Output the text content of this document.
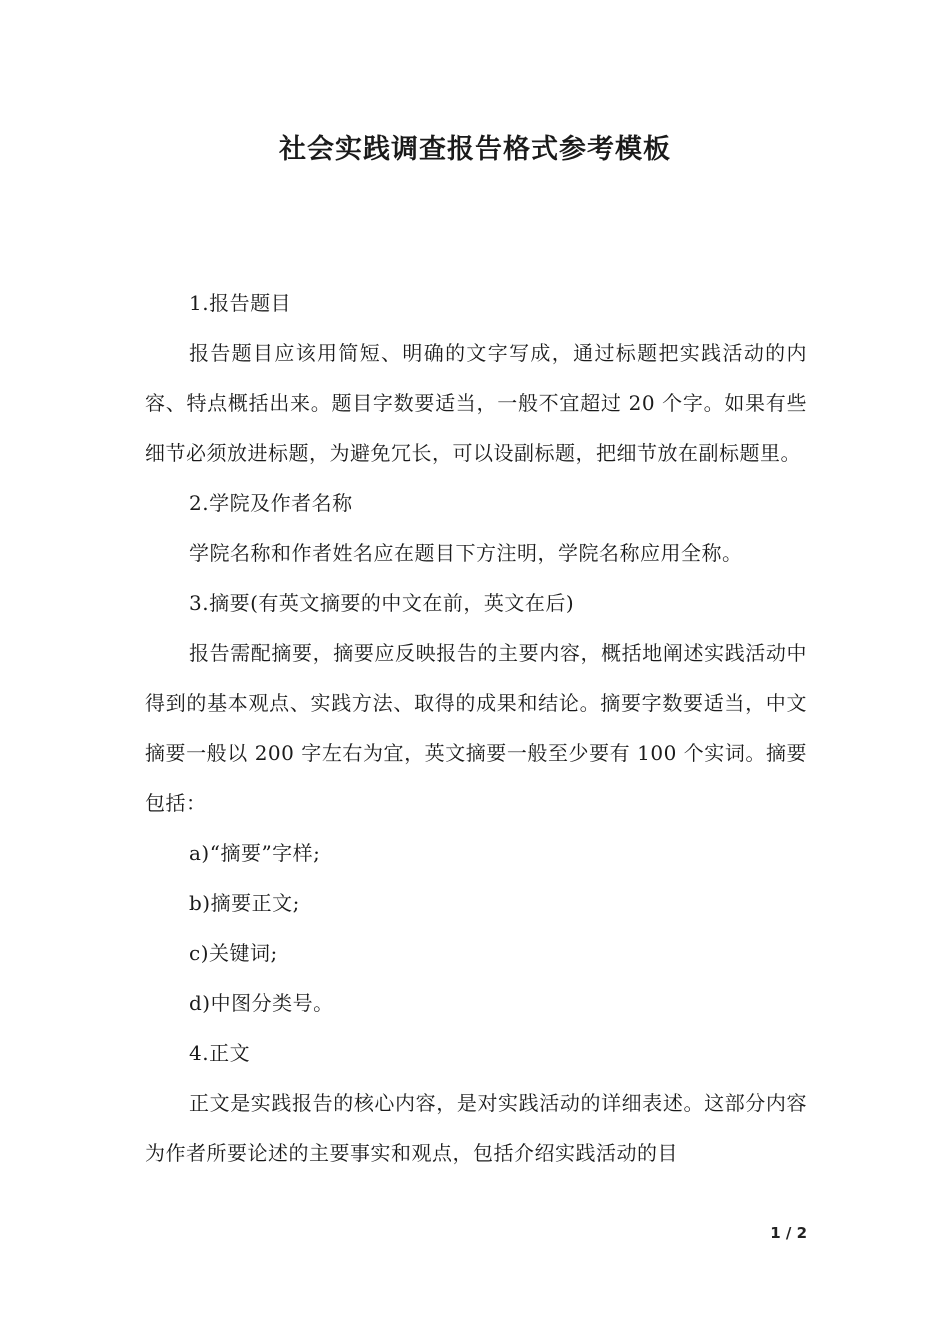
社会实践调查报告格式参考模板

1.报告题目

报告题目应该用简短、明确的文字写成，通过标题把实践活动的内容、特点概括出来。题目字数要适当，一般不宜超过 20 个字。如果有些细节必须放进标题，为避免冗长，可以设副标题，把细节放在副标题里。

2.学院及作者名称

学院名称和作者姓名应在题目下方注明，学院名称应用全称。

3.摘要(有英文摘要的中文在前，英文在后)

报告需配摘要，摘要应反映报告的主要内容，概括地阐述实践活动中得到的基本观点、实践方法、取得的成果和结论。摘要字数要适当，中文摘要一般以 200 字左右为宜，英文摘要一般至少要有 100 个实词。摘要包括：

a)“摘要”字样;

b)摘要正文;

c)关键词;

d)中图分类号。

4.正文

正文是实践报告的核心内容，是对实践活动的详细表述。这部分内容为作者所要论述的主要事实和观点，包括介绍实践活动的目

1 / 2
